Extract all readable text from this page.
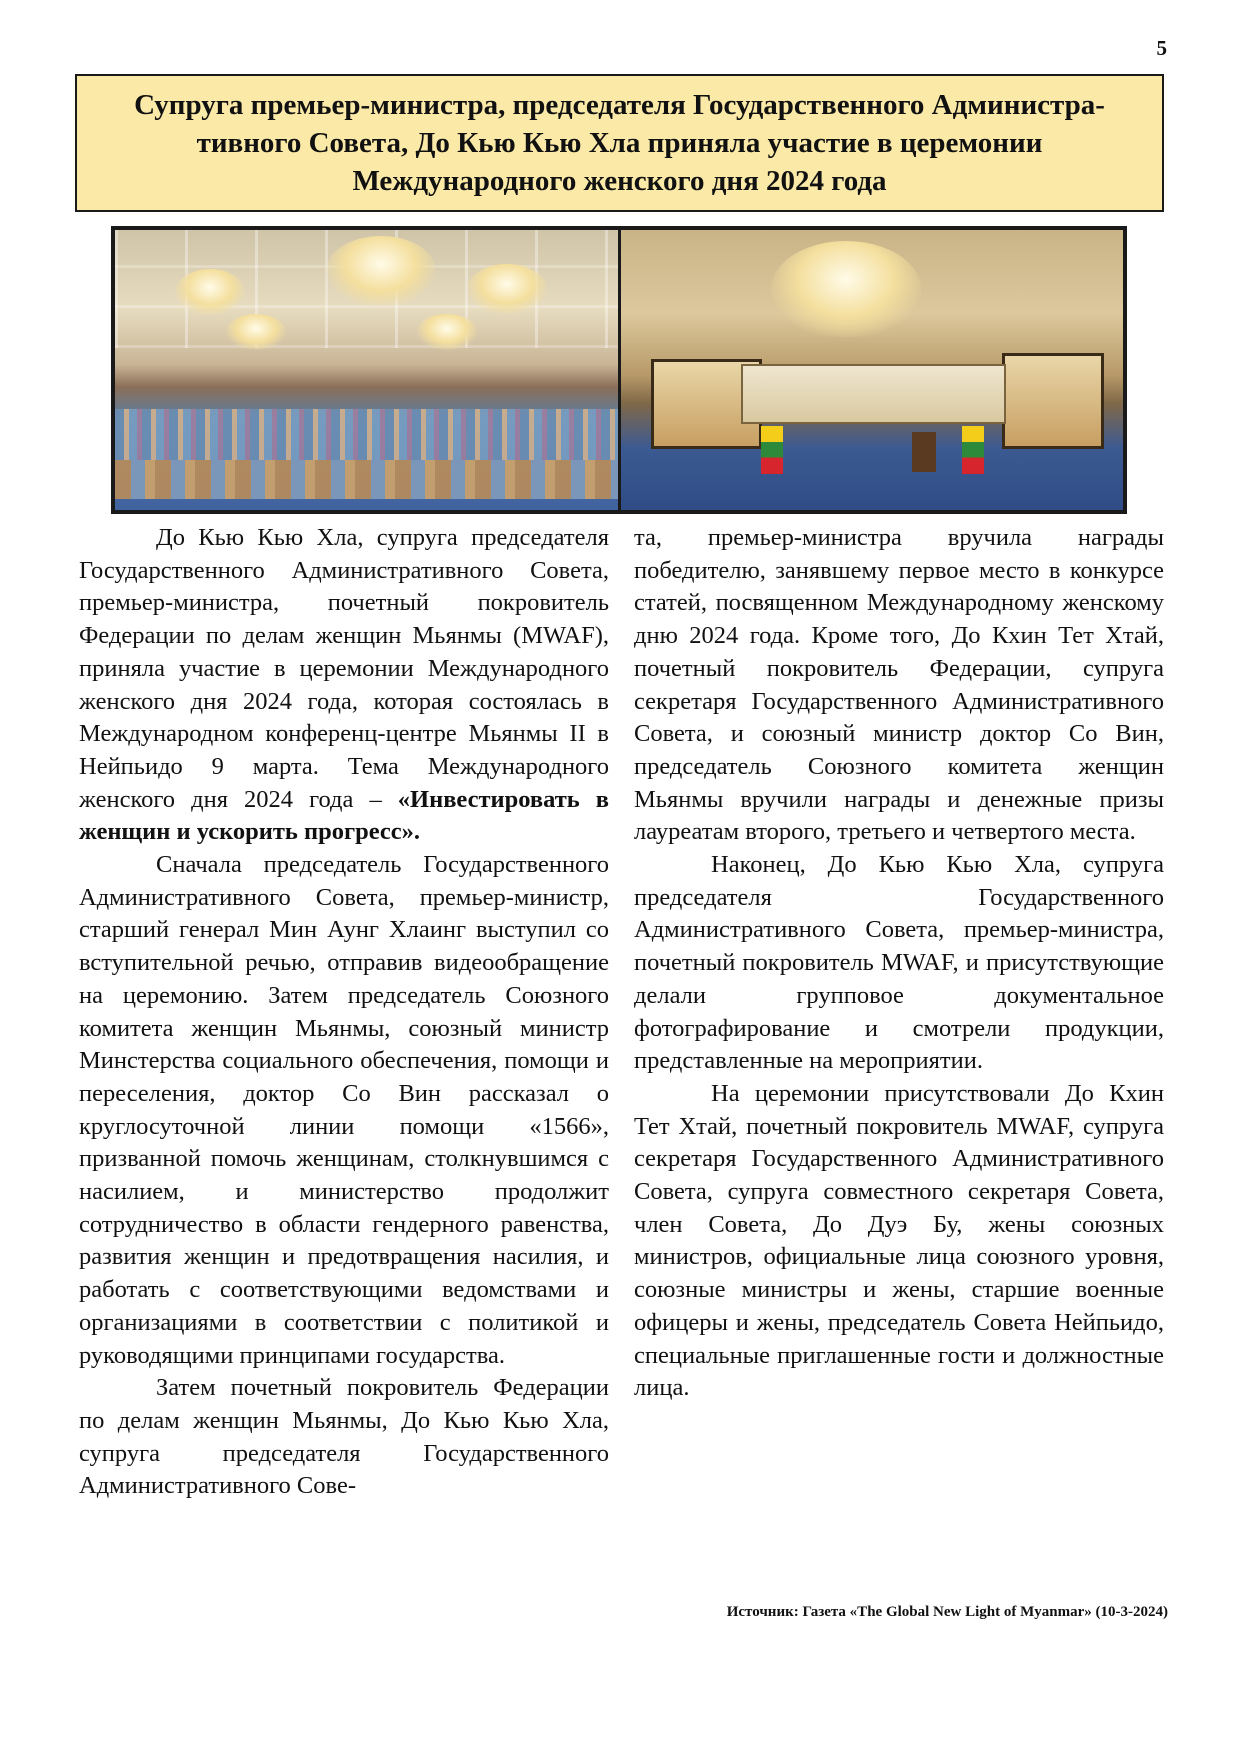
5
Супруга премьер-министра, председателя Государственного Администра-тивного Совета, До Кью Кью Хла приняла участие в церемонии Международного женского дня 2024 года

До Кью Кью Хла, супруга председателя Государственного Административного Совета, премьер-министра, почетный покровитель Федерации по делам женщин Мьянмы (MWAF), приняла участие в церемонии Международного женского дня 2024 года, которая состоялась в Международном конференц-центре Мьянмы II в Нейпьидо 9 марта. Тема Международного женского дня 2024 года – «Инвестировать в женщин и ускорить прогресс».

Сначала председатель Государственного Административного Совета, премьер-министр, старший генерал Мин Аунг Хлаинг выступил со вступительной речью, отправив видеообращение на церемонию. Затем председатель Союзного комитета женщин Мьянмы, союзный министр Минстерства социального обеспечения, помощи и переселения, доктор Со Вин рассказал о круглосуточной линии помощи «1566», призванной помочь женщинам, столкнувшимся с насилием, и министерство продолжит сотрудничество в области гендерного равенства, развития женщин и предотвращения насилия, и работать с соответствующими ведомствами и организациями в соответствии с политикой и руководящими принципами государства.

Затем почетный покровитель Федерации по делам женщин Мьянмы, До Кью Кью Хла, супруга председателя Государственного Административного Сове-

та, премьер-министра вручила награды победителю, занявшему первое место в конкурсе статей, посвященном Международному женскому дню 2024 года. Кроме того, До Кхин Тет Хтай, почетный покровитель Федерации, супруга секретаря Государственного Административного Совета, и союзный министр доктор Со Вин, председатель Союзного комитета женщин Мьянмы вручили награды и денежные призы лауреатам второго, третьего и четвертого места.

Наконец, До Кью Кью Хла, супруга председателя Государственного Административного Совета, премьер-министра, почетный покровитель MWAF, и присутствующие делали групповое документальное фотографирование и смотрели продукции, представленные на мероприятии.

На церемонии присутствовали До Кхин Тет Хтай, почетный покровитель MWAF, супруга секретаря Государственного Административного Совета, супруга совместного секретаря Совета, член Совета, До Дуэ Бу, жены союзных министров, официальные лица союзного уровня, союзные министры и жены, старшие военные офицеры и жены, председатель Совета Нейпьидо, специальные приглашенные гости и должностные лица.

Источник: Газета «The Global New Light of Myanmar» (10-3-2024)
